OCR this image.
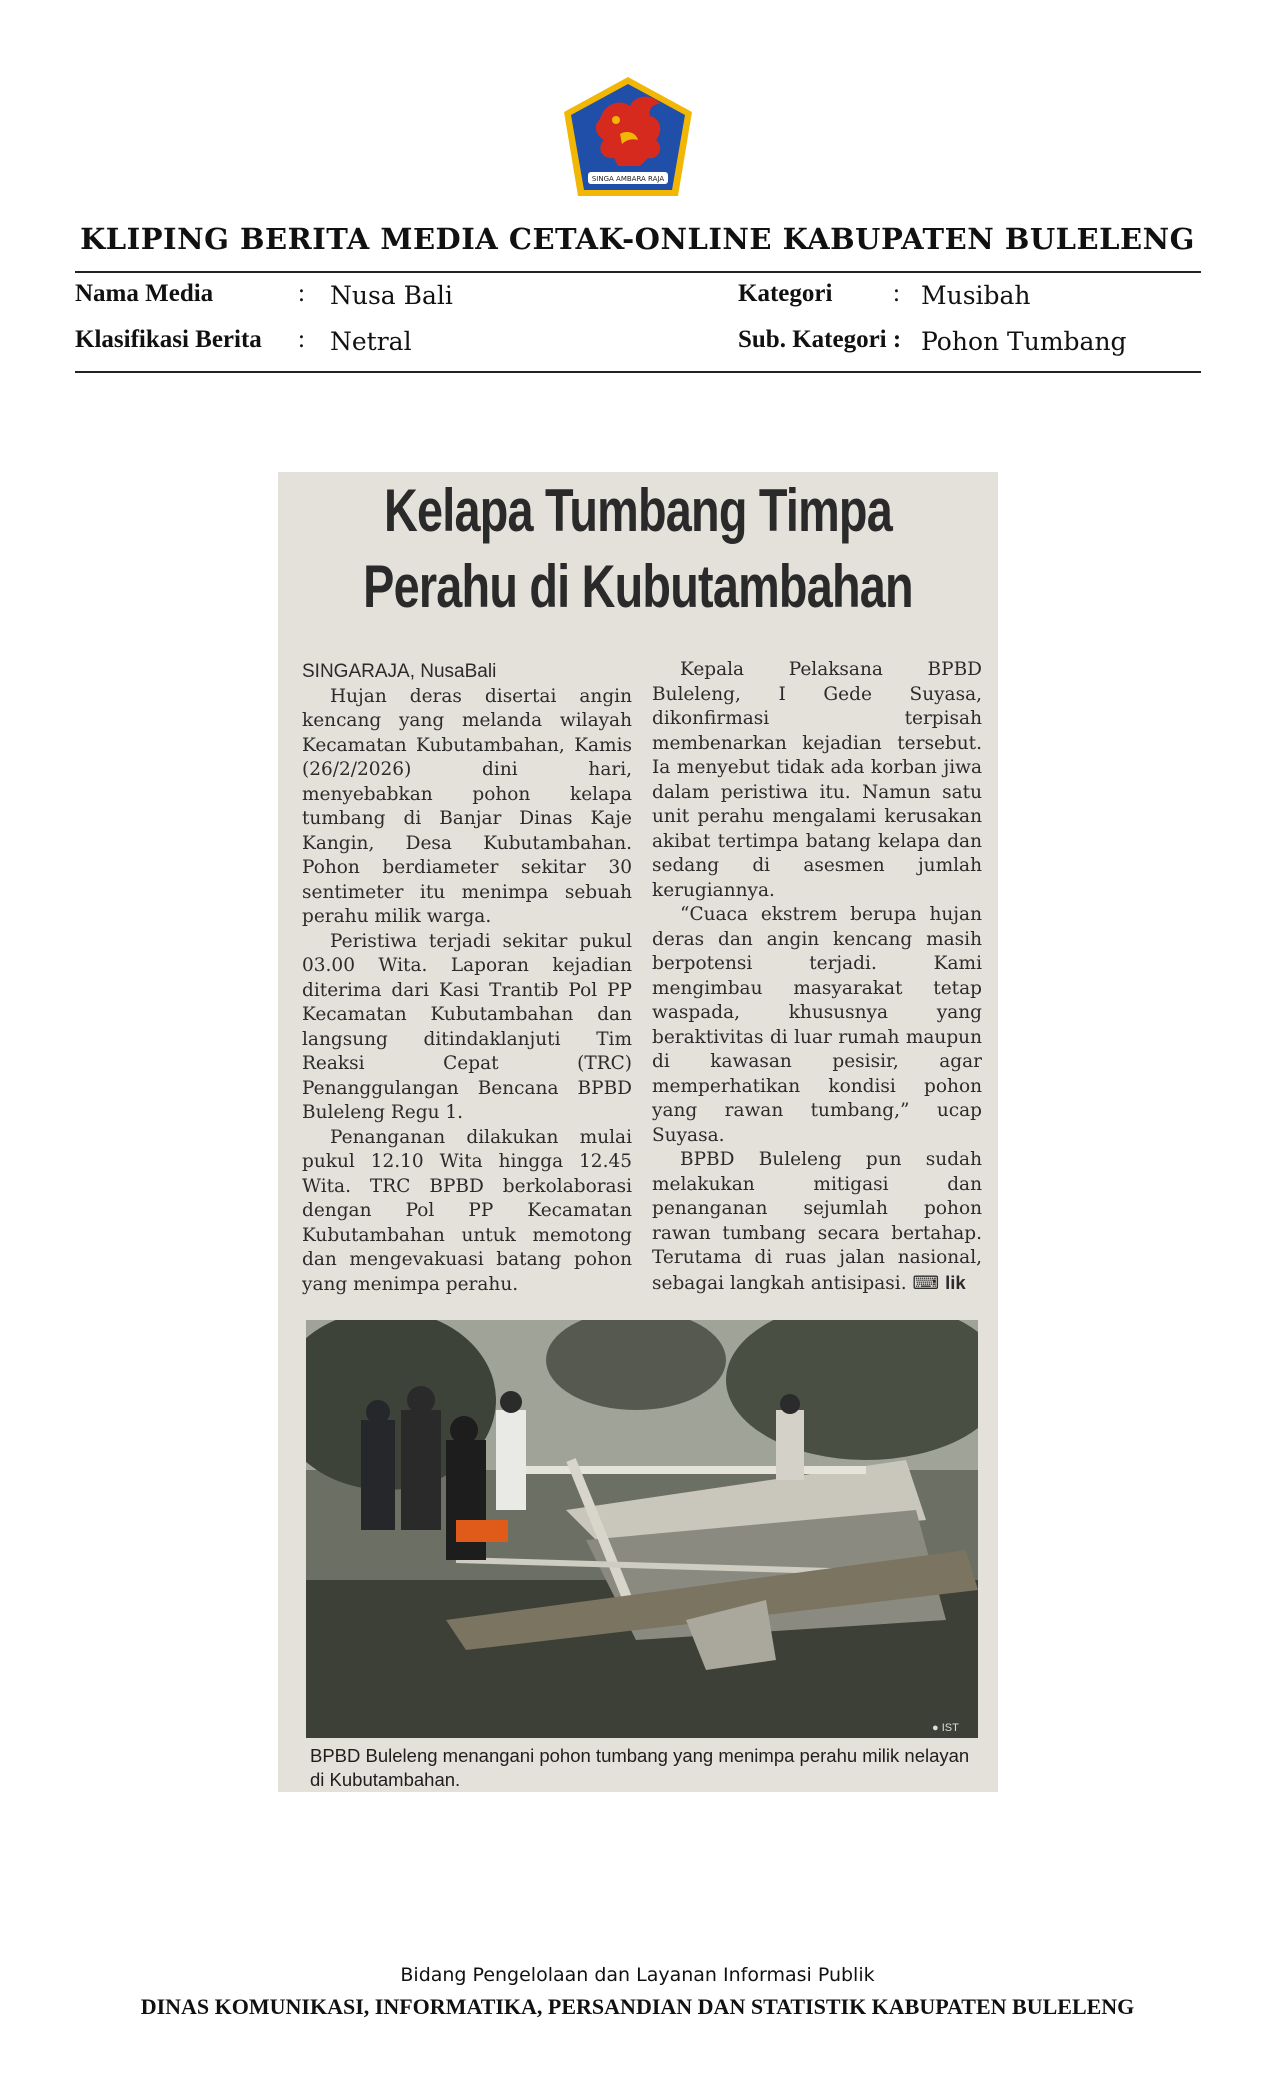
SINGA AMBARA RAJA
KLIPING BERITA MEDIA CETAK-ONLINE KABUPATEN BULELENG
Nama Media	: Nusa Bali	Kategori : Musibah
Klasifikasi Berita : Netral	Sub. Kategori : Pohon Tumbang
Kelapa Tumbang Timpa
Perahu di Kubutambahan

SINGARAJA, NusaBali

Hujan deras disertai angin kencang yang melanda wilayah Kecamatan Kubutambahan, Kamis (26/2/2026) dini hari, menyebabkan pohon kelapa tumbang di Banjar Dinas Kaje Kangin, Desa Kubutambahan. Pohon berdiameter sekitar 30 sentimeter itu menimpa sebuah perahu milik warga.

Peristiwa terjadi sekitar pukul 03.00 Wita. Laporan kejadian diterima dari Kasi Trantib Pol PP Kecamatan Kubutambahan dan langsung ditindaklanjuti Tim Reaksi Cepat (TRC) Penanggulangan Bencana BPBD Buleleng Regu 1.

Penanganan dilakukan mulai pukul 12.10 Wita hingga 12.45 Wita. TRC BPBD berkolaborasi dengan Pol PP Kecamatan Kubutambahan untuk memotong dan mengevakuasi batang pohon yang menimpa perahu.

Kepala Pelaksana BPBD Buleleng, I Gede Suyasa, dikonfirmasi terpisah membenarkan kejadian tersebut. Ia menyebut tidak ada korban jiwa dalam peristiwa itu. Namun satu unit perahu mengalami kerusakan akibat tertimpa batang kelapa dan sedang di asesmen jumlah kerugiannya.

“Cuaca ekstrem berupa hujan deras dan angin kencang masih berpotensi terjadi. Kami mengimbau masyarakat tetap waspada, khususnya yang beraktivitas di luar rumah maupun di kawasan pesisir, agar memperhatikan kondisi pohon yang rawan tumbang,” ucap Suyasa.

BPBD Buleleng pun sudah melakukan mitigasi dan penanganan sejumlah pohon rawan tumbang secara bertahap. Terutama di ruas jalan nasional, sebagai langkah antisipasi. ⌨ lik

● IST
BPBD Buleleng menangani pohon tumbang yang menimpa perahu milik nelayan di Kubutambahan.
Bidang Pengelolaan dan Layanan Informasi Publik
DINAS KOMUNIKASI, INFORMATIKA, PERSANDIAN DAN STATISTIK KABUPATEN BULELENG
